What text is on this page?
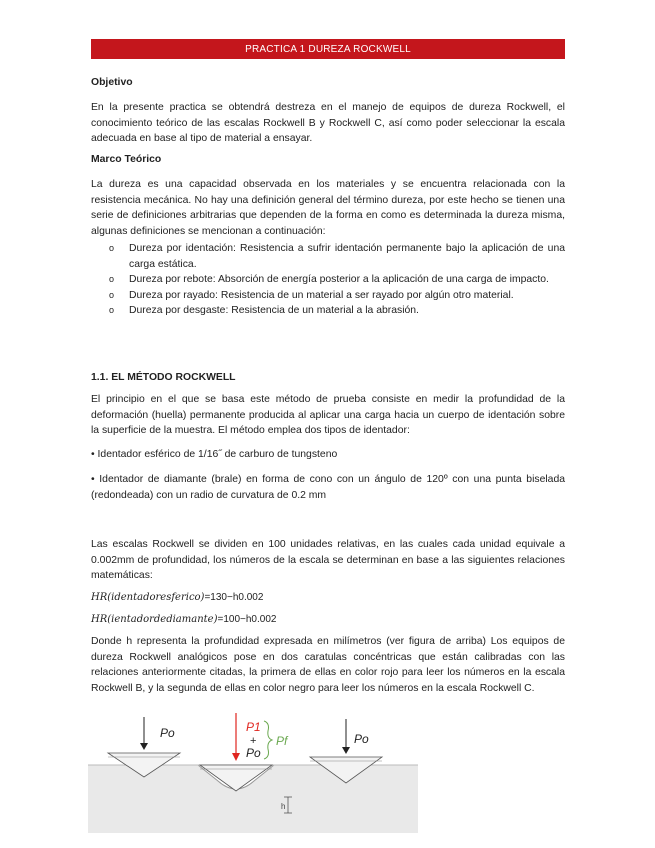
PRACTICA 1 DUREZA ROCKWELL
Objetivo
En la presente practica se obtendrá destreza en el manejo de equipos de dureza Rockwell, el conocimiento teórico de las escalas Rockwell B y Rockwell C, así como poder seleccionar la escala adecuada en base al tipo de material a ensayar.
Marco Teórico
La dureza es una capacidad observada en los materiales y se encuentra relacionada con la resistencia mecánica. No hay una definición general del término dureza, por este hecho se tienen una serie de definiciones arbitrarias que dependen de la forma en como es determinada la dureza misma, algunas definiciones se mencionan a continuación:
o Dureza por identación: Resistencia a sufrir identación permanente bajo la aplicación de una carga estática.
o Dureza por rebote: Absorción de energía posterior a la aplicación de una carga de impacto.
o Dureza por rayado: Resistencia de un material a ser rayado por algún otro material.
o Dureza por desgaste: Resistencia de un material a la abrasión.
1.1. EL MÉTODO ROCKWELL
El principio en el que se basa este método de prueba consiste en medir la profundidad de la deformación (huella) permanente producida al aplicar una carga hacia un cuerpo de identación sobre la superficie de la muestra. El método emplea dos tipos de identador:
• Identador esférico de 1/16˝ de carburo de tungsteno
• Identador de diamante (brale) en forma de cono con un ángulo de 120º con una punta biselada (redondeada) con un radio de curvatura de 0.2 mm
Las escalas Rockwell se dividen en 100 unidades relativas, en las cuales cada unidad equivale a 0.002mm de profundidad, los números de la escala se determinan en base a las siguientes relaciones matemáticas:
HR(identadoresferico)=130−h0.002
HR(ientadordediamante)=100−h0.002
Donde h representa la profundidad expresada en milímetros (ver figura de arriba) Los equipos de dureza Rockwell analógicos pose en dos caratulas concéntricas que están calibradas con las relaciones anteriormente citadas, la primera de ellas en color rojo para leer los números en la escala Rockwell B, y la segunda de ellas en color negro para leer los números en la escala Rockwell C.
Po	P1
+
Po
Pf	Po
h
